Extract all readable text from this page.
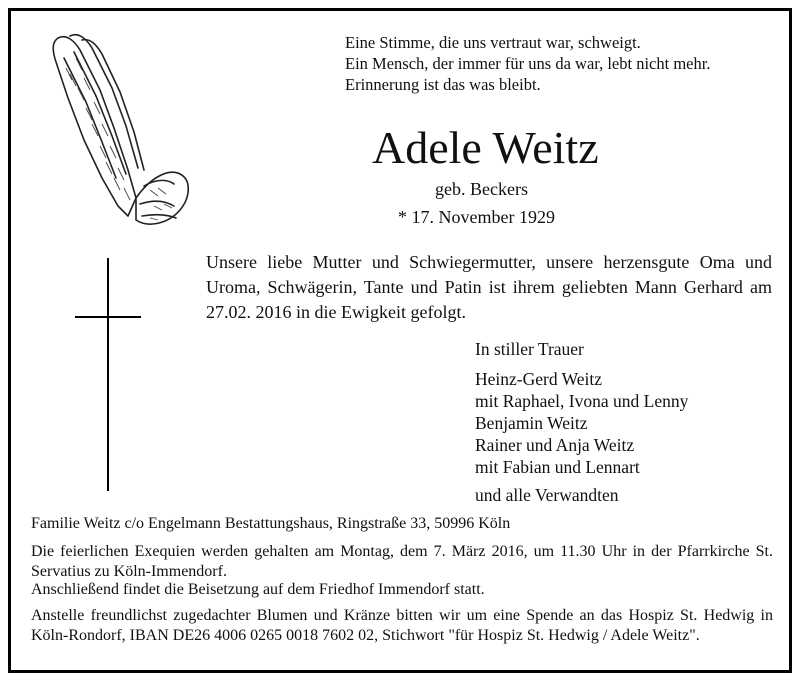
Eine Stimme, die uns vertraut war, schweigt.
Ein Mensch, der immer für uns da war, lebt nicht mehr.
Erinnerung ist das was bleibt.
Adele Weitz
geb. Beckers
* 17. November 1929
Unsere liebe Mutter und Schwiegermutter, unsere herzensgute Oma und Uroma, Schwägerin, Tante und Patin ist ihrem geliebten Mann Gerhard am 27.02. 2016 in die Ewigkeit gefolgt.
In stiller Trauer
Heinz-Gerd Weitz
mit Raphael, Ivona und Lenny
Benjamin Weitz
Rainer und Anja Weitz
mit Fabian und Lennart
und alle Verwandten
Familie Weitz c/o Engelmann Bestattungshaus, Ringstraße 33, 50996 Köln
Die feierlichen Exequien werden gehalten am Montag, dem 7. März 2016, um 11.30 Uhr in der Pfarrkirche St. Servatius zu Köln-Immendorf.
Anschließend findet die Beisetzung auf dem Friedhof Immendorf statt.
Anstelle freundlichst zugedachter Blumen und Kränze bitten wir um eine Spende an das Hospiz St. Hedwig in Köln-Rondorf, IBAN DE26 4006 0265 0018 7602 02, Stichwort "für Hospiz St. Hedwig / Adele Weitz".
